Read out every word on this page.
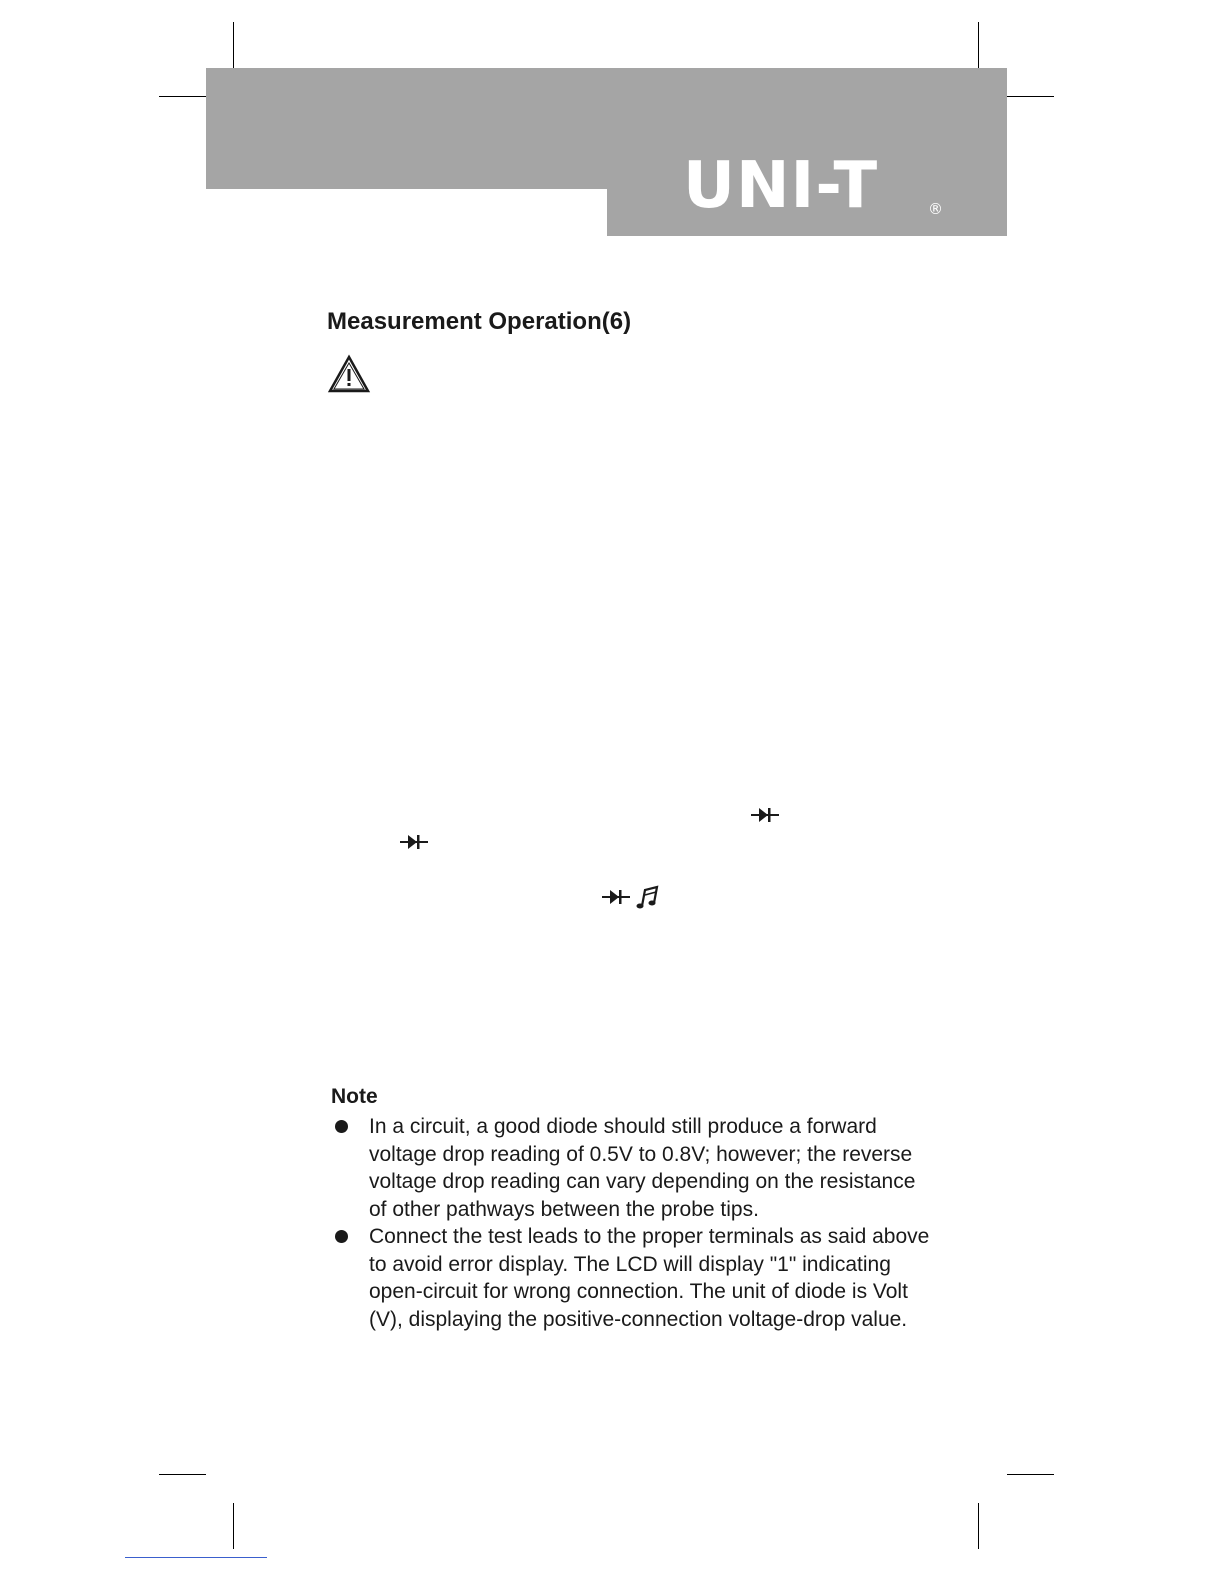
UNI-T	®
Measurement Operation(6)
Note
In a circuit, a good diode should still produce a forward voltage drop reading of 0.5V to 0.8V; however; the reverse voltage drop reading can vary depending on the resistance of other pathways between the probe tips.
Connect the test leads to the proper terminals as said above to avoid error display. The LCD will display "1" indicating open-circuit for wrong connection. The unit of diode is Volt (V), displaying the positive-connection voltage-drop value.
